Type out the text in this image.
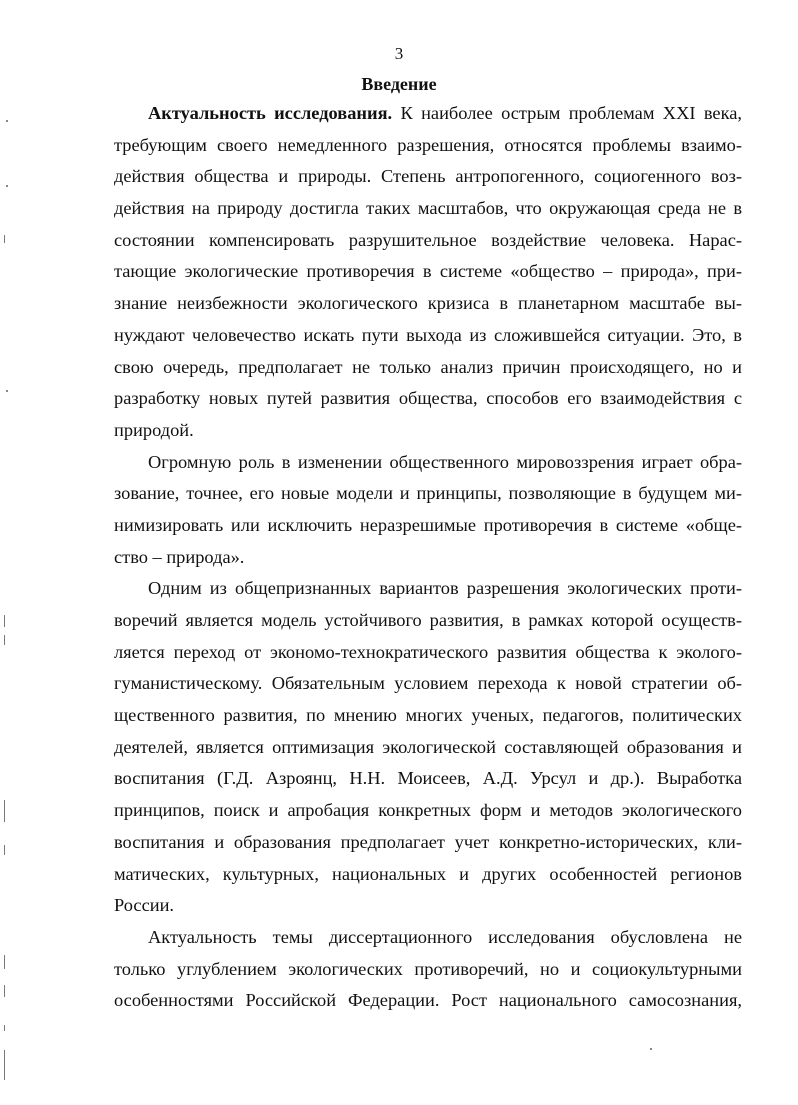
3
Введение
Актуальность исследования. К наиболее острым проблемам XXI века,
требующим своего немедленного разрешения, относятся проблемы взаимо-
действия общества и природы. Степень антропогенного, социогенного воз-
действия на природу достигла таких масштабов, что окружающая среда не в
состоянии компенсировать разрушительное воздействие человека. Нарас-
тающие экологические противоречия в системе «общество – природа», при-
знание неизбежности экологического кризиса в планетарном масштабе вы-
нуждают человечество искать пути выхода из сложившейся ситуации. Это, в
свою очередь, предполагает не только анализ причин происходящего, но и
разработку новых путей развития общества, способов его взаимодействия с
природой.
Огромную роль в изменении общественного мировоззрения играет обра-
зование, точнее, его новые модели и принципы, позволяющие в будущем ми-
нимизировать или исключить неразрешимые противоречия в системе «обще-
ство – природа».
Одним из общепризнанных вариантов разрешения экологических проти-
воречий является модель устойчивого развития, в рамках которой осуществ-
ляется переход от экономо-технократического развития общества к эколого-
гуманистическому. Обязательным условием перехода к новой стратегии об-
щественного развития, по мнению многих ученых, педагогов, политических
деятелей, является оптимизация экологической составляющей образования и
воспитания (Г.Д. Азроянц, Н.Н. Моисеев, А.Д. Урсул и др.). Выработка
принципов, поиск и апробация конкретных форм и методов экологического
воспитания и образования предполагает учет конкретно-исторических, кли-
матических, культурных, национальных и других особенностей регионов
России.
Актуальность темы диссертационного исследования обусловлена не
только углублением экологических противоречий, но и социокультурными
особенностями Российской Федерации. Рост национального самосознания,
